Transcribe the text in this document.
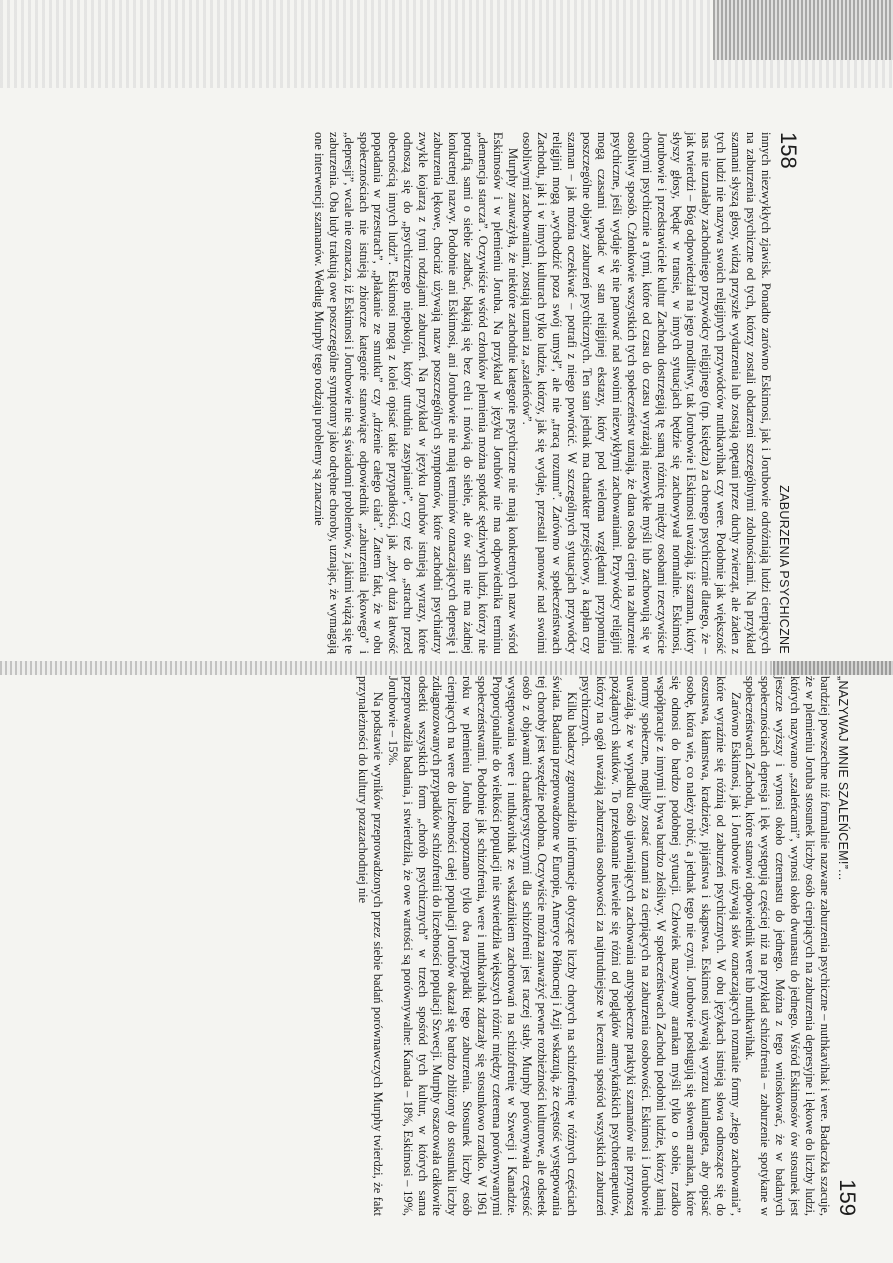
158
ZABURZENIA PSYCHICZNE

innych niezwykłych zjawisk. Ponadto zarówno Eskimosi, jak i Jorubowie odróżniają ludzi cierpiących na zaburzenia psychiczne od tych, którzy zostali obdarzeni szczególnymi zdolnościami. Na przykład szamani słyszą głosy, widzą przyszłe wydarzenia lub zostają opętani przez duchy zwierząt, ale żaden z tych ludzi nie nazywa swoich religijnych przywódców nuthkavihak czy were. Podobnie jak większość nas nie uznałaby zachodniego przywódcy religijnego (np. księdza) za chorego psychicznie dlatego, że – jak twierdzi – Bóg odpowiedział na jego modlitwy, tak Jorubowie i Eskimosi uważają, iż szaman, który słyszy głosy, będąc w transie, w innych sytuacjach będzie się zachowywał normalnie. Eskimosi, Jorubowie i przedstawiciele kultur Zachodu dostrzegają tę samą różnicę między osobami rzeczywiście chorymi psychicznie a tymi, które od czasu do czasu wyrażają niezwykłe myśli lub zachowują się w osobliwy sposób. Członkowie wszystkich tych społeczeństw uznają, że dana osoba cierpi na zaburzenie psychiczne, jeśli wydaje się nie panować nad swoimi niezwykłymi zachowaniami. Przywódcy religijni mogą czasami wpadać w stan religijnej ekstazy, który pod wieloma względami przypomina poszczególne objawy zaburzeń psychicznych. Ten stan jednak ma charakter przejściowy, a kapłan czy szaman – jak można oczekiwać – potrafi z niego powrócić. W szczególnych sytuacjach przywódcy religijni mogą „wychodzić poza swój umysł”, ale nie „tracą rozumu”. Zarówno w społeczeństwach Zachodu, jak i w innych kulturach tylko ludzie, którzy, jak się wydaje, przestali panować nad swoimi osobliwymi zachowaniami, zostają uznani za „szaleńców”.

Murphy zauważyła, że niektóre zachodnie kategorie psychiczne nie mają konkretnych nazw wśród Eskimosów i w plemieniu Joruba. Na przykład w języku Jorubów nie ma odpowiednika terminu „demencja starcza”. Oczywiście wśród członków plemienia można spotkać sędziwych ludzi, którzy nie potrafią sami o siebie zadbać, błąkają się bez celu i mówią do siebie, ale ów stan nie ma żadnej konkretnej nazwy. Podobnie ani Eskimosi, ani Jorubowie nie mają terminów oznaczających depresję i zaburzenia lękowe, chociaż używają nazw poszczególnych symptomów, które zachodni psychiatrzy zwykle kojarzą z tymi rodzajami zaburzeń. Na przykład w języku Jorubów istnieją wyrazy, które odnoszą się do „psychicznego niepokoju, który utrudnia zasypianie”, czy też do „strachu przed obecnością innych ludzi”. Eskimosi mogą z kolei opisać takie przypadłości, jak „zbyt duża łatwość popadania w przestrach”, „płakanie ze smutku” czy „drżenie całego ciała”. Zatem fakt, że w obu społecznościach nie istnieją zbiorcze kategorie stanowiące odpowiednik „zaburzenia lękowego” i „depresji”, wcale nie oznacza, iż Eskimosi i Jorubowie nie są świadomi problemów, z jakimi wiążą się te zaburzenia. Oba ludy traktują owe poszczególne symptomy jako odrębne choroby, uznając, że wymagają one interwencji szamanów. Według Murphy tego rodzaju problemy są znacznie

„NAZYWAJ MNIE SZALEŃCEM!”...
159

bardziej powszechne niż formalnie nazwane zaburzenia psychiczne – nuthkavihak i were. Badaczka szacuje, że w plemieniu Joruba stosunek liczby osób cierpiących na zaburzenia depresyjne i lękowe do liczby ludzi, których nazywano „szaleńcami”, wynosi około dwunastu do jednego. Wśród Eskimosów ów stosunek jest jeszcze wyższy i wynosi około czternastu do jednego. Można z tego wnioskować, że w badanych społecznościach depresja i lęk występują częściej niż na przykład schizofrenia – zaburzenie spotykane w społeczeństwach Zachodu, które stanowi odpowiednik were lub nuthkavihak.

Zarówno Eskimosi, jak i Jorubowie używają słów oznaczających rozmaite formy „złego zachowania”, które wyraźnie się różnią od zaburzeń psychicznych. W obu językach istnieją słowa odnoszące się do oszustwa, kłamstwa, kradzieży, pijaństwa i skąpstwa. Eskimosi używają wyrazu kunlangeta, aby opisać osobę, która wie, co należy robić, a jednak tego nie czyni. Jorubowie posługują się słowem arankan, które się odnosi do bardzo podobnej sytuacji. Człowiek nazywany arankan myśli tylko o sobie, rzadko współpracuje z innymi i bywa bardzo złośliwy. W społeczeństwach Zachodu podobni ludzie, którzy łamią normy społeczne, mogliby zostać uznani za cierpiących na zaburzenia osobowości. Eskimosi i Jorubowie uważają, że w wypadku osób ujawniających zachowania antyspołeczne praktyki szamanów nie przynoszą pożądanych skutków. To przekonanie niewiele się różni od poglądów amerykańskich psychoterapeutów, którzy na ogół uważają zaburzenia osobowości za najtrudniejsze w leczeniu spośród wszystkich zaburzeń psychicznych.

Kilku badaczy zgromadziło informacje dotyczące liczby chorych na schizofrenię w różnych częściach świata. Badania przeprowadzone w Europie, Ameryce Północnej i Azji wskazują, że częstość występowania tej choroby jest wszędzie podobna. Oczywiście można zauważyć pewne rozbieżności kulturowe, ale odsetek osób z objawami charakterystycznymi dla schizofrenii jest raczej stały. Murphy porównywała częstość występowania were i nuthkavihak ze wskaźnikiem zachorowań na schizofrenię w Szwecji i Kanadzie. Proporcjonalnie do wielkości populacji nie stwierdziła większych różnic między czterema porównywanymi społeczeństwami. Podobnie jak schizofrenia, were i nuthkavihak zdarzały się stosunkowo rzadko. W 1961 roku w plemieniu Joruba rozpoznano tylko dwa przypadki tego zaburzenia. Stosunek liczby osób cierpiących na were do liczebności całej populacji Jorubów okazał się bardzo zbliżony do stosunku liczby zdiagnozowanych przypadków schizofrenii do liczebności populacji Szwecji. Murphy oszacowała całkowite odsetki wszystkich form „chorób psychicznych” w trzech spośród tych kultur, w których sama przeprowadziła badania, i stwierdziła, że owe wartości są porównywalne: Kanada – 18%, Eskimosi – 19%, Jorubowie – 15%.

Na podstawie wyników przeprowadzonych przez siebie badań porównawczych Murphy twierdzi, że fakt przynależności do kultury pozazachodniej nie
